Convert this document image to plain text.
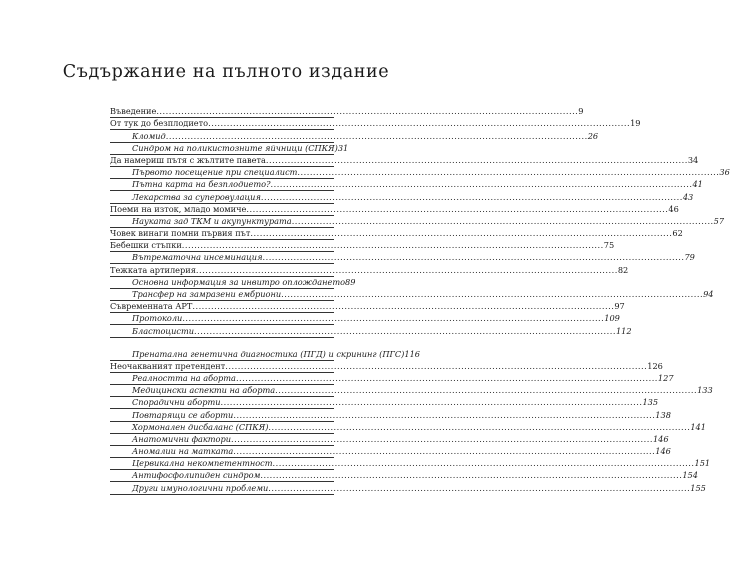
Съдържание на пълното издание
Въведение .....	9
От тук до безплодието .....	19
Кломид .....	26
Синдром на поликистозните яйчници (СПКЯ) 31
Да намериш пътя с жълтите павета .....	34
Първото посещение при специалист .....	36
Пътна карта на безплодието? .....	41
Лекарства за суперовулация .....	43
Поеми на изток, младо момиче .....	46
Науката зад ТКМ и акупунктурата .....	57
Човек винаги помни първия път .....	62
Бебешки стъпки .....	75
Вътрематочна инсеминация .....	79
Тежката артилерия .....	82
Основна информация за инвитро оплождането 89
Трансфер на замразени ембриони .....	94
Съвременната АРТ .....	97
Протоколи .....	109
Бластоцисти .....	112
Пренатална генетична диагностика (ПГД) и скрининг (ПГС) 116
Неочакваният претендент .....	126
Реалността на аборта .....	127
Медицински аспекти на аборта .....	133
Спорадични аборти .....	135
Повтарящи се аборти .....	138
Хормонален дисбаланс (СПКЯ) .....	141
Анатомични фактори .....	146
Аномалии на матката .....	146
Цервикална некомпетентност .....	151
Антифосфолипиден синдром .....	154
Други имунологични проблеми .....	155
